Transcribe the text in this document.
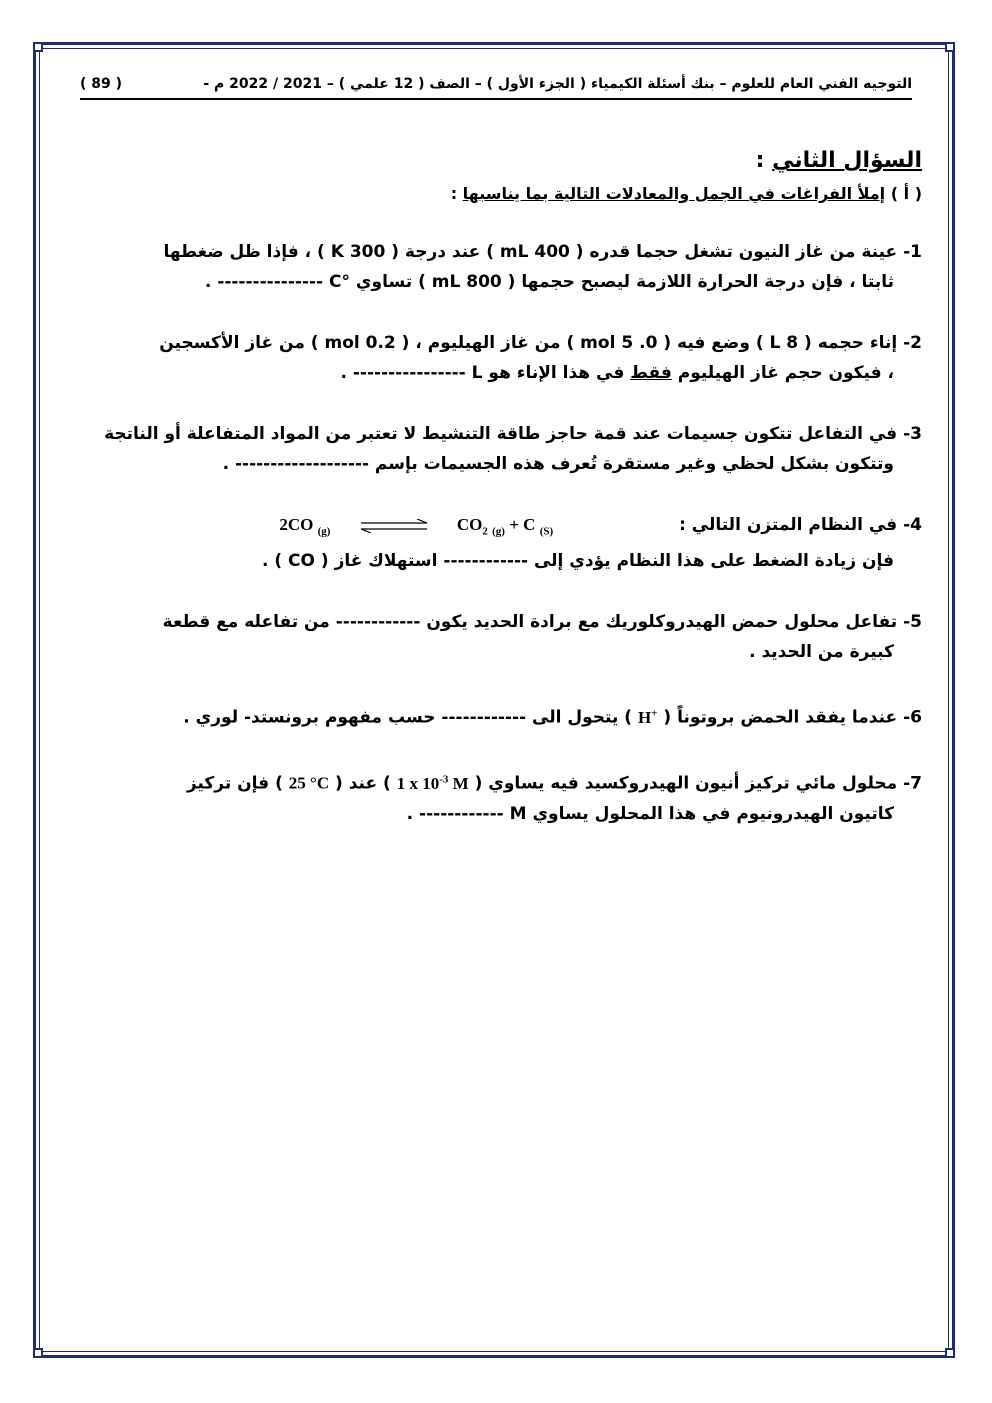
التوجيه الفني العام للعلوم – بنك أسئلة الكيمياء ( الجزء الأول ) – الصف ( 12 علمي ) – 2021 / 2022 م -
( 89 )
السؤال الثاني :
( أ ) إملأ الفراغات في الجمل والمعادلات التالية بما يناسبها :
1- عينة من غاز النيون تشغل حجما قدره ( 400 mL ) عند درجة ( 300 K ) ، فإذا ظل ضغطها
ثابتا ، فإن درجة الحرارة اللازمة ليصبح حجمها ( 800 mL ) تساوي °C --------------- .
2- إناء حجمه ( 8 L ) وضع فيه ( 0. 5 mol ) من غاز الهيليوم ، ( 0.2 mol ) من غاز الأكسجين
، فيكون حجم غاز الهيليوم فقط في هذا الإناء هو L ---------------- .
3- في التفاعل تتكون جسيمات عند قمة حاجز طاقة التنشيط لا تعتبر من المواد المتفاعلة أو الناتجة
وتتكون بشكل لحظي وغير مستقرة تُعرف هذه الجسيمات بإسم ------------------- .
4- في النظام المتزن التالي : 2CO $_{(g)}$	$CO_2$ $_{(g)}$ + C $_{(S)}$
فإن زيادة الضغط على هذا النظام يؤدي إلى ------------ استهلاك غاز ( CO ) .
5- تفاعل محلول حمض الهيدروكلوريك مع برادة الحديد يكون ------------ من تفاعله مع قطعة
كبيرة من الحديد .
6- عندما يفقد الحمض بروتوناً ( H+ ) يتحول الى ------------ حسب مفهوم برونستد- لوري .
7- محلول مائي تركيز أنيون الهيدروكسيد فيه يساوي ( 1 x $10^{-3}$ M ) عند ( 25 °C ) فإن تركيز
كاتيون الهيدرونيوم في هذا المحلول يساوي M ------------ .
